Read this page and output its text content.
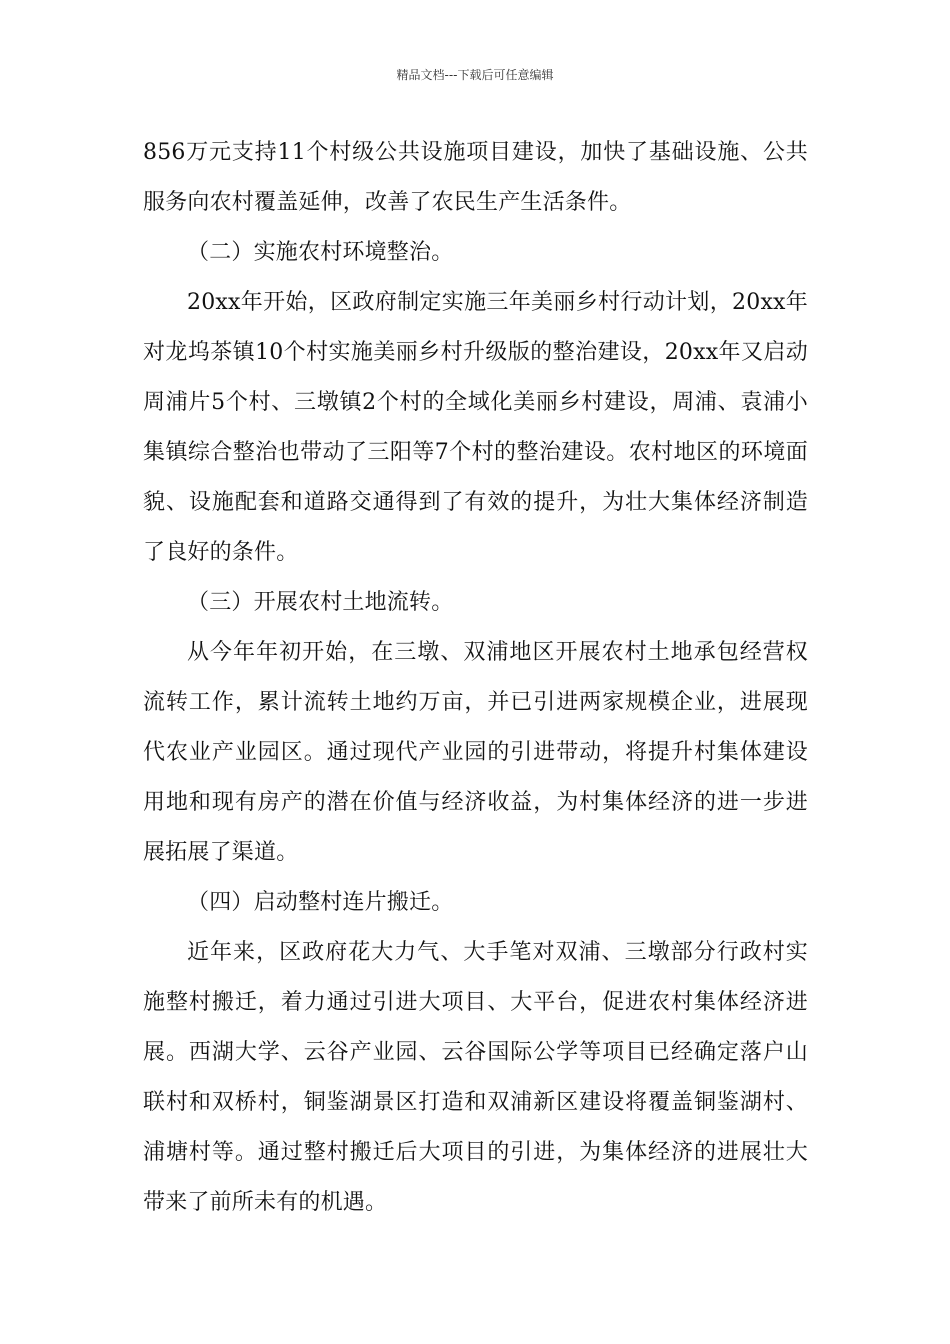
精品文档---下载后可任意编辑

856万元支持11个村级公共设施项目建设，加快了基础设施、公共服务向农村覆盖延伸，改善了农民生产生活条件。

（二）实施农村环境整治。

20xx年开始，区政府制定实施三年美丽乡村行动计划，20xx年对龙坞茶镇10个村实施美丽乡村升级版的整治建设，20xx年又启动周浦片5个村、三墩镇2个村的全域化美丽乡村建设，周浦、袁浦小集镇综合整治也带动了三阳等7个村的整治建设。农村地区的环境面貌、设施配套和道路交通得到了有效的提升，为壮大集体经济制造了良好的条件。

（三）开展农村土地流转。

从今年年初开始，在三墩、双浦地区开展农村土地承包经营权流转工作，累计流转土地约万亩，并已引进两家规模企业，进展现代农业产业园区。通过现代产业园的引进带动，将提升村集体建设用地和现有房产的潜在价值与经济收益，为村集体经济的进一步进展拓展了渠道。

（四）启动整村连片搬迁。

近年来，区政府花大力气、大手笔对双浦、三墩部分行政村实施整村搬迁，着力通过引进大项目、大平台，促进农村集体经济进展。西湖大学、云谷产业园、云谷国际公学等项目已经确定落户山联村和双桥村，铜鉴湖景区打造和双浦新区建设将覆盖铜鉴湖村、浦塘村等。通过整村搬迁后大项目的引进，为集体经济的进展壮大带来了前所未有的机遇。
